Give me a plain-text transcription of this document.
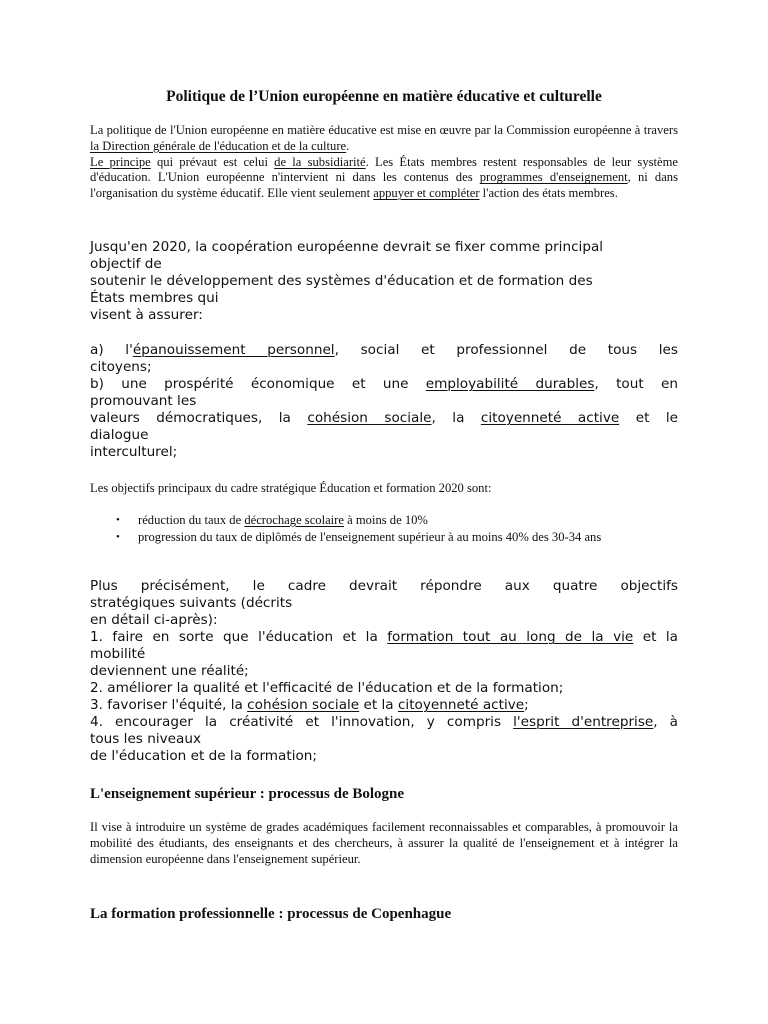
Politique de l’Union européenne en matière éducative et culturelle

La politique de l'Union européenne en matière éducative est mise en œuvre par la Commission européenne à travers la Direction générale de l'éducation et de la culture.

Le principe qui prévaut est celui de la subsidiarité. Les États membres restent responsables de leur système d'éducation. L'Union européenne n'intervient ni dans les contenus des programmes d'enseignement, ni dans l'organisation du système éducatif. Elle vient seulement appuyer et compléter l'action des états membres.

Jusqu'en 2020, la coopération européenne devrait se fixer comme principal
objectif de
soutenir le développement des systèmes d'éducation et de formation des
États membres qui
visent à assurer:
a) l'épanouissement personnel, social et professionnel de tous les
citoyens;
b) une prospérité économique et une employabilité durables, tout en
promouvant les
valeurs démocratiques, la cohésion sociale, la citoyenneté active et le
dialogue
interculturel;
Les objectifs principaux du cadre stratégique Éducation et formation 2020 sont:
• réduction du taux de décrochage scolaire à moins de 10%
• progression du taux de diplômés de l'enseignement supérieur à au moins 40% des 30-34 ans
Plus précisément, le cadre devrait répondre aux quatre objectifs
stratégiques suivants (décrits
en détail ci-après):
1. faire en sorte que l'éducation et la formation tout au long de la vie et la
mobilité
deviennent une réalité;
2. améliorer la qualité et l'efficacité de l'éducation et de la formation;
3. favoriser l'équité, la cohésion sociale et la citoyenneté active;
4. encourager la créativité et l'innovation, y compris l'esprit d'entreprise, à
tous les niveaux
de l'éducation et de la formation;
L'enseignement supérieur : processus de Bologne

Il vise à introduire un système de grades académiques facilement reconnaissables et comparables, à promouvoir la mobilité des étudiants, des enseignants et des chercheurs, à assurer la qualité de l'enseignement et à intégrer la dimension européenne dans l'enseignement supérieur.

La formation professionnelle : processus de Copenhague
